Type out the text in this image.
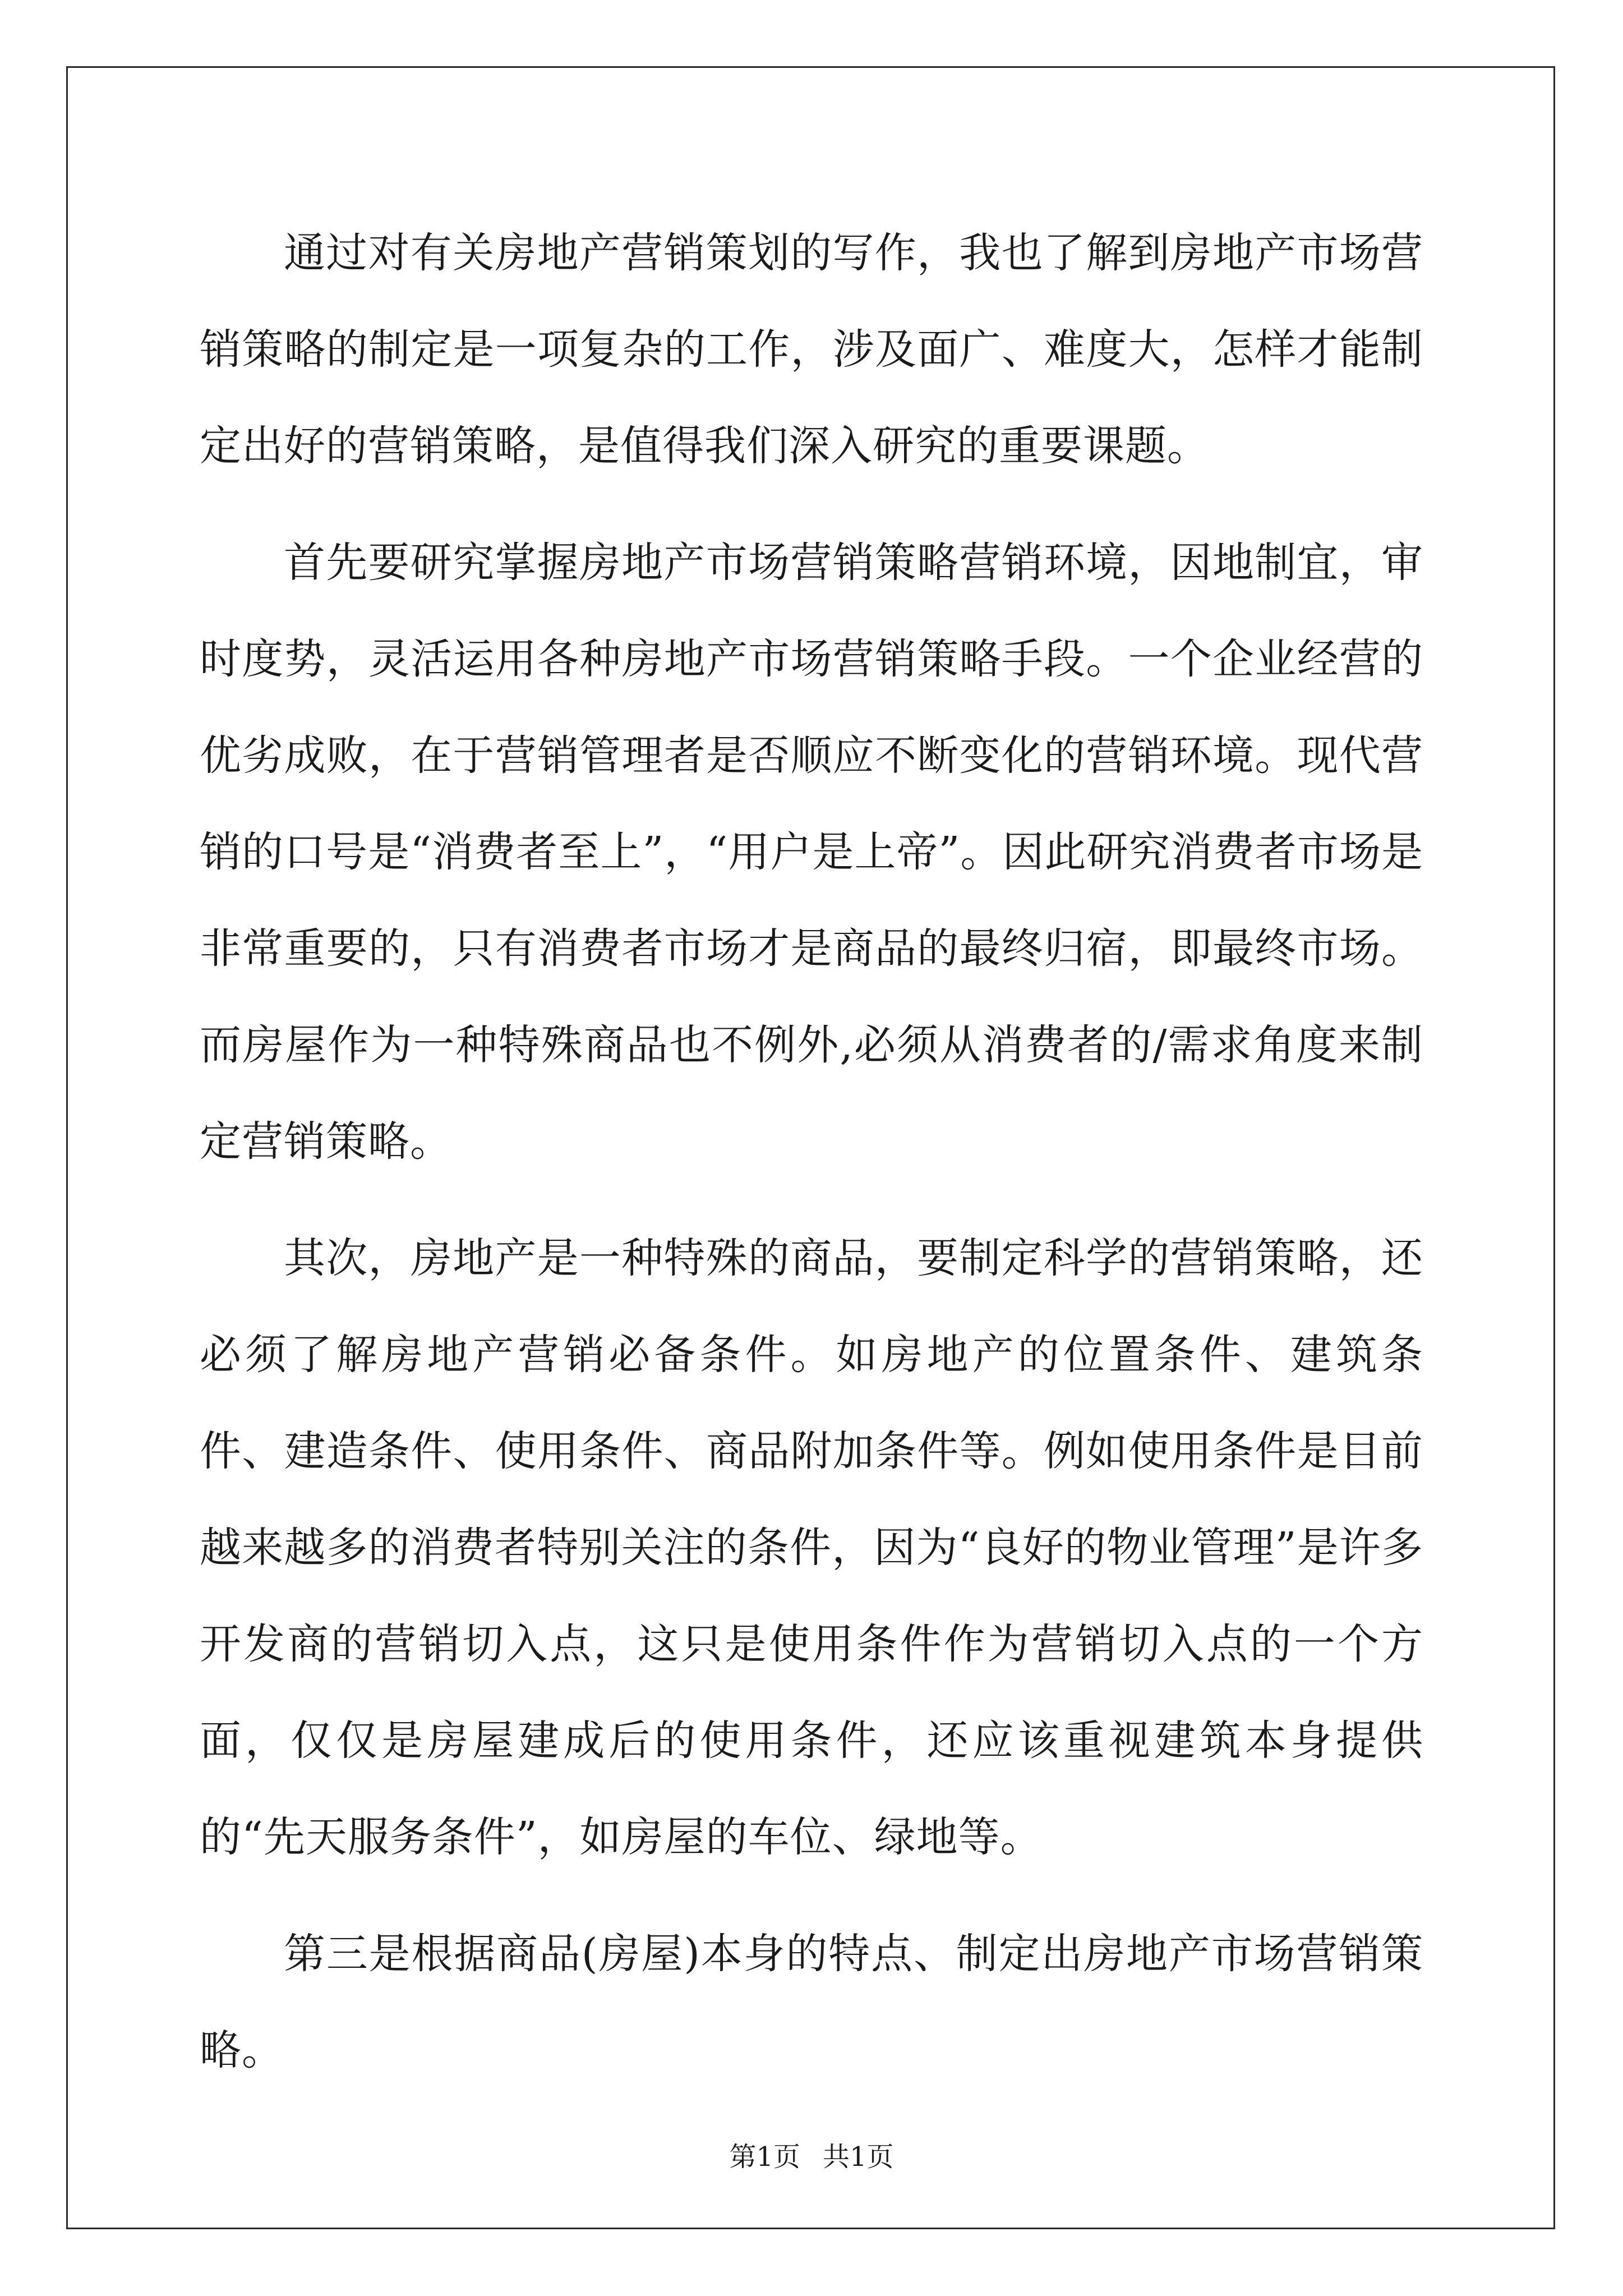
通过对有关房地产营销策划的写作，我也了解到房地产市场营销策略的制定是一项复杂的工作，涉及面广、难度大，怎样才能制定出好的营销策略，是值得我们深入研究的重要课题。

首先要研究掌握房地产市场营销策略营销环境，因地制宜，审时度势，灵活运用各种房地产市场营销策略手段。一个企业经营的优劣成败，在于营销管理者是否顺应不断变化的营销环境。现代营销的口号是“消费者至上”，“用户是上帝”。因此研究消费者市场是非常重要的，只有消费者市场才是商品的最终归宿，即最终市场。而房屋作为一种特殊商品也不例外,必须从消费者的/需求角度来制定营销策略。

其次，房地产是一种特殊的商品，要制定科学的营销策略，还必须了解房地产营销必备条件。如房地产的位置条件、建筑条 件、建造条件、使用条件、商品附加条件等。例如使用条件是目前越来越多的消费者特别关注的条件，因为“良好的物业管理”是许多开发商的营销切入点，这只是使用条件作为营销切入点的一个方面，仅仅是房屋建成后的使用条件，还应该重视建筑本身提供的“先天服务条件”，如房屋的车位、绿地等。

第三是根据商品(房屋)本身的特点、制定出房地产市场营销策略。

第1页 共1页
